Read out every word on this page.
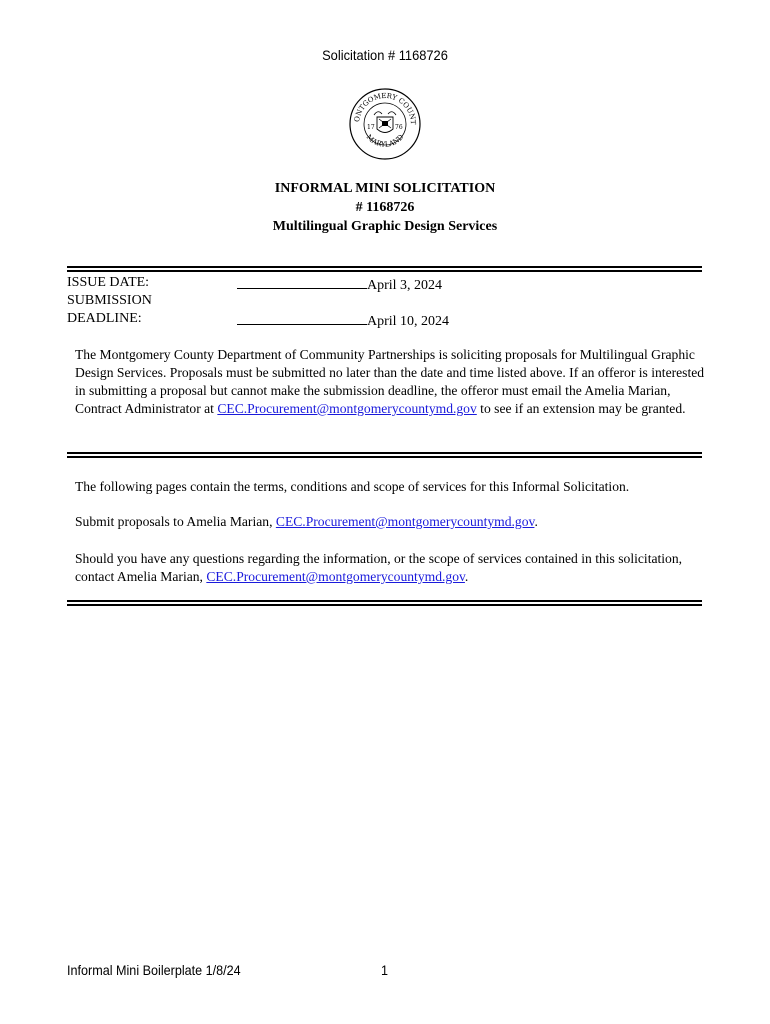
Solicitation # 1168726
ONTGOMERY COUNT
MARYLAND
17	76
INFORMAL MINI SOLICITATION
# 1168726
Multilingual Graphic Design Services
ISSUE DATE:
SUBMISSION
DEADLINE:
April 3, 2024
April 10, 2024
The Montgomery County Department of Community Partnerships is soliciting proposals for Multilingual Graphic Design Services. Proposals must be submitted no later than the date and time listed above. If an offeror is interested in submitting a proposal but cannot make the submission deadline, the offeror must email the Amelia Marian, Contract Administrator at CEC.Procurement@montgomerycountymd.gov to see if an extension may be granted.
The following pages contain the terms, conditions and scope of services for this Informal Solicitation.
Submit proposals to Amelia Marian, CEC.Procurement@montgomerycountymd.gov.
Should you have any questions regarding the information, or the scope of services contained in this solicitation, contact Amelia Marian, CEC.Procurement@montgomerycountymd.gov.
Informal Mini Boilerplate 1/8/24	1
